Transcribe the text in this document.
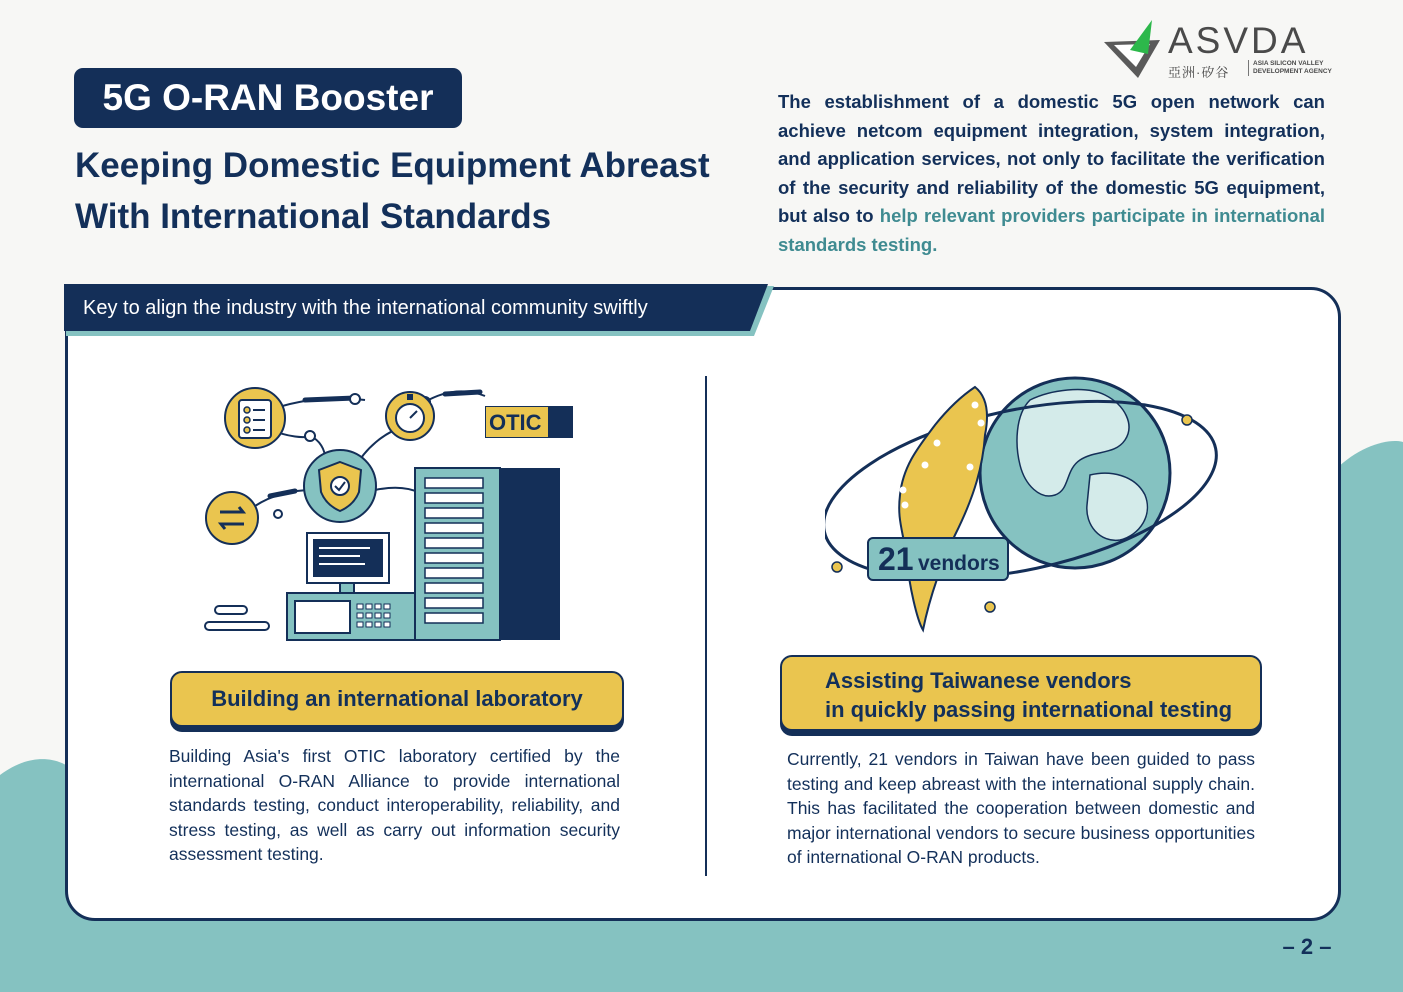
ASVDA
亞洲·矽谷
ASIA SILICON VALLEY
DEVELOPMENT AGENCY
5G O-RAN Booster
Keeping Domestic Equipment Abreast
With International Standards
The establishment of a domestic 5G open network can achieve netcom equipment integration, system integration, and application services, not only to facilitate the verification of the security and reliability of the domestic 5G equipment, but also to help relevant providers participate in international standards testing.
Key to align the industry with the international community swiftly
OTIC
21 vendors
Building an international laboratory
Building Asia's first OTIC laboratory certified by the international O-RAN Alliance to provide international standards testing, conduct interoperability, reliability, and stress testing, as well as carry out information security assessment testing.
Assisting Taiwanese vendors
in quickly passing international testing
Currently, 21 vendors in Taiwan have been guided to pass testing and keep abreast with the international supply chain. This has facilitated the cooperation between domestic and major international vendors to secure business opportunities of international O-RAN products.
– 2 –
